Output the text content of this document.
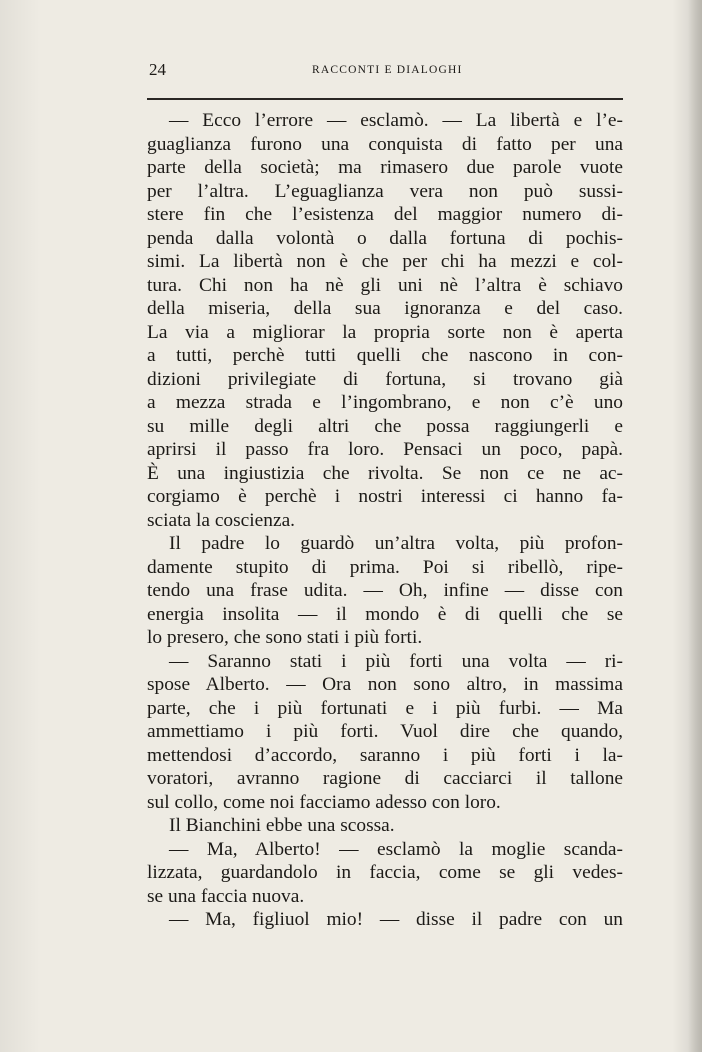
24	RACCONTI E DIALOGHI
— Ecco l’errore — esclamò. — La libertà e l’e-
guaglianza furono una conquista di fatto per una
parte della società; ma rimasero due parole vuote
per l’altra. L’eguaglianza vera non può sussi-
stere fin che l’esistenza del maggior numero di-
penda dalla volontà o dalla fortuna di pochis-
simi. La libertà non è che per chi ha mezzi e col-
tura. Chi non ha nè gli uni nè l’altra è schiavo
della miseria, della sua ignoranza e del caso.
La via a migliorar la propria sorte non è aperta
a tutti, perchè tutti quelli che nascono in con-
dizioni privilegiate di fortuna, si trovano già
a mezza strada e l’ingombrano, e non c’è uno
su mille degli altri che possa raggiungerli e
aprirsi il passo fra loro. Pensaci un poco, papà.
È una ingiustizia che rivolta. Se non ce ne ac-
corgiamo è perchè i nostri interessi ci hanno fa-
sciata la coscienza.
Il padre lo guardò un’altra volta, più profon-
damente stupito di prima. Poi si ribellò, ripe-
tendo una frase udita. — Oh, infine — disse con
energia insolita — il mondo è di quelli che se
lo presero, che sono stati i più forti.
— Saranno stati i più forti una volta — ri-
spose Alberto. — Ora non sono altro, in massima
parte, che i più fortunati e i più furbi. — Ma
ammettiamo i più forti. Vuol dire che quando,
mettendosi d’accordo, saranno i più forti i la-
voratori, avranno ragione di cacciarci il tallone
sul collo, come noi facciamo adesso con loro.
Il Bianchini ebbe una scossa.
— Ma, Alberto! — esclamò la moglie scanda-
lizzata, guardandolo in faccia, come se gli vedes-
se una faccia nuova.
— Ma, figliuol mio! — disse il padre con un
